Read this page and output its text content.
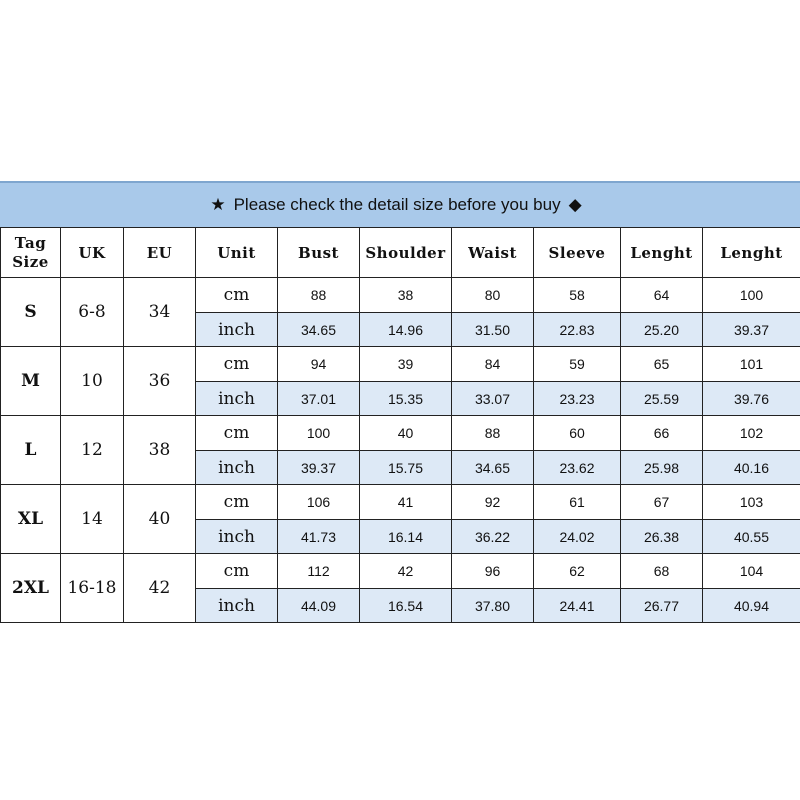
★ Please check the detail size before you buy ◆
Tag
Size	UK	EU	Unit	Bust	Shoulder	Waist	Sleeve	Lenght	Lenght
S	6-8	34	cm	88	38	80	58	64	100
			inch	34.65	14.96	31.50	22.83	25.20	39.37
M	10	36	cm	94	39	84	59	65	101
			inch	37.01	15.35	33.07	23.23	25.59	39.76
L	12	38	cm	100	40	88	60	66	102
			inch	39.37	15.75	34.65	23.62	25.98	40.16
XL	14	40	cm	106	41	92	61	67	103
			inch	41.73	16.14	36.22	24.02	26.38	40.55
2XL	16-18	42	cm	112	42	96	62	68	104
			inch	44.09	16.54	37.80	24.41	26.77	40.94
